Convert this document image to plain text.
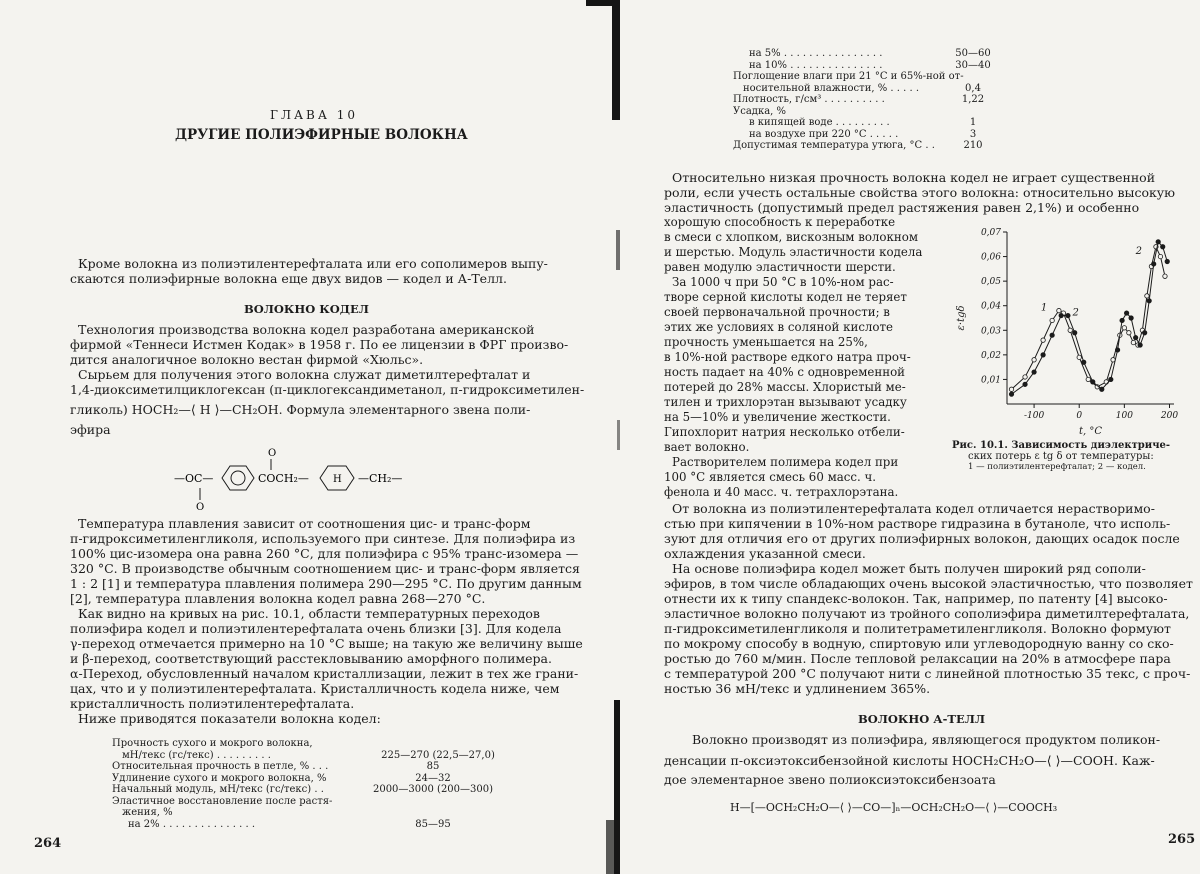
ГЛАВА 10
ДРУГИЕ ПОЛИЭФИРНЫЕ ВОЛОКНА
Кроме волокна из полиэтилентерефталата или его сополимеров выпу-
скаются полиэфирные волокна еще двух видов — кодел и А-Телл.
ВОЛОКНО КОДЕЛ
Технология производства волокна кодел разработана американской
фирмой «Теннеси Истмен Кодак» в 1958 г. По ее лицензии в ФРГ произво-
дится аналогичное волокно вестан фирмой «Хюльс».
Сырьем для получения этого волокна служат диметилтерефталат и
1,4-диоксиметилциклогексан (п-циклогександиметанол, п-гидроксиметилен-
гликоль) НОСН₂—⟨ Н ⟩—СН₂ОН. Формула элементарного звена поли-
эфира
O
—OC—	COCH₂— H —CH₂—
O
Температура плавления зависит от соотношения цис- и транс-форм
п-гидроксиметиленгликоля, используемого при синтезе. Для полиэфира из
100% цис-изомера она равна 260 °С, для полиэфира с 95% транс-изомера —
320 °С. В производстве обычным соотношением цис- и транс-форм является
1 : 2 [1] и температура плавления полимера 290—295 °С. По другим данным
[2], температура плавления волокна кодел равна 268—270 °С.
Как видно на кривых на рис. 10.1, области температурных переходов
полиэфира кодел и полиэтилентерефталата очень близки [3]. Для кодела
γ-переход отмечается примерно на 10 °С выше; на такую же величину выше
и β-переход, соответствующий расстекловыванию аморфного полимера.
α-Переход, обусловленный началом кристаллизации, лежит в тех же грани-
цах, что и у полиэтилентерефталата. Кристалличность кодела ниже, чем
кристалличность полиэтилентерефталата.
Ниже приводятся показатели волокна кодел:
Прочность сухого и мокрого волокна,
мН/текс (гс/текс) . . . . . . . . .	225—270 (22,5—27,0)
Относительная прочность в петле, % . . .	85
Удлинение сухого и мокрого волокна, %	24—32
Начальный модуль, мН/текс (гс/текс) . .	2000—3000 (200—300)
Эластичное восстановление после растя-
жения, %
на 2% . . . . . . . . . . . . . . .	85—95
264
на 5% . . . . . . . . . . . . . . . .	50—60
на 10% . . . . . . . . . . . . . . .	30—40
Поглощение влаги при 21 °С и 65%-ной от-
носительной влажности, % . . . . .	0,4
Плотность, г/см³ . . . . . . . . . .	1,22
Усадка, %
в кипящей воде . . . . . . . . .	1
на воздухе при 220 °С . . . . .	3
Допустимая температура утюга, °С . .	210
Относительно низкая прочность волокна кодел не играет существенной
роли, если учесть остальные свойства этого волокна: относительно высокую
эластичность (допустимый предел растяжения равен 2,1%) и особенно
хорошую способность к переработке
в смеси с хлопком, вискозным волокном
и шерстью. Модуль эластичности кодела
равен модулю эластичности шерсти.
За 1000 ч при 50 °С в 10%-ном рас-
творе серной кислоты кодел не теряет
своей первоначальной прочности; в
этих же условиях в соляной кислоте
прочность уменьшается на 25%,
в 10%-ной растворе едкого натра проч-
ность падает на 40% с одновременной
потерей до 28% массы. Хлористый ме-
тилен и трихлорэтан вызывают усадку
на 5—10% и увеличение жесткости.
Гипохлорит натрия несколько отбели-
вает волокно.
Растворителем полимера кодел при
100 °С является смесь 60 масс. ч.
фенола и 40 масс. ч. тетрахлорэтана.
0,01
0,02
0,03
0,04
0,05
0,06
0,07
-100	0	100	200
ε·tgδ
t, °С
1	2
2
Рис. 10.1. Зависимость диэлектриче-
ских потерь ε tg δ от температуры:
1 — полиэтилентерефталат; 2 — кодел.
От волокна из полиэтилентерефталата кодел отличается нерастворимо-
стью при кипячении в 10%-ном растворе гидразина в бутаноле, что исполь-
зуют для отличия его от других полиэфирных волокон, дающих осадок после
охлаждения указанной смеси.
На основе полиэфира кодел может быть получен широкий ряд сополи-
эфиров, в том числе обладающих очень высокой эластичностью, что позволяет
отнести их к типу спандекс-волокон. Так, например, по патенту [4] высоко-
эластичное волокно получают из тройного сополиэфира диметилтерефталата,
п-гидроксиметиленгликоля и политетраметиленгликоля. Волокно формуют
по мокрому способу в водную, спиртовую или углеводородную ванну со ско-
ростью до 760 м/мин. После тепловой релаксации на 20% в атмосфере пара
с температурой 200 °С получают нити с линейной плотностью 35 текс, с проч-
ностью 36 мН/текс и удлинением 365%.
ВОЛОКНО А-ТЕЛЛ
Волокно производят из полиэфира, являющегося продуктом поликон-
денсации п-оксиэтоксибензойной кислоты НОСН₂СН₂О—⟨ ⟩—СООН. Каж-
дое элементарное звено полиоксиэтоксибензоата
Н—[—OCH₂CH₂O—⟨ ⟩—CO—]ₙ—OCH₂CH₂O—⟨ ⟩—COOCH₃
265
